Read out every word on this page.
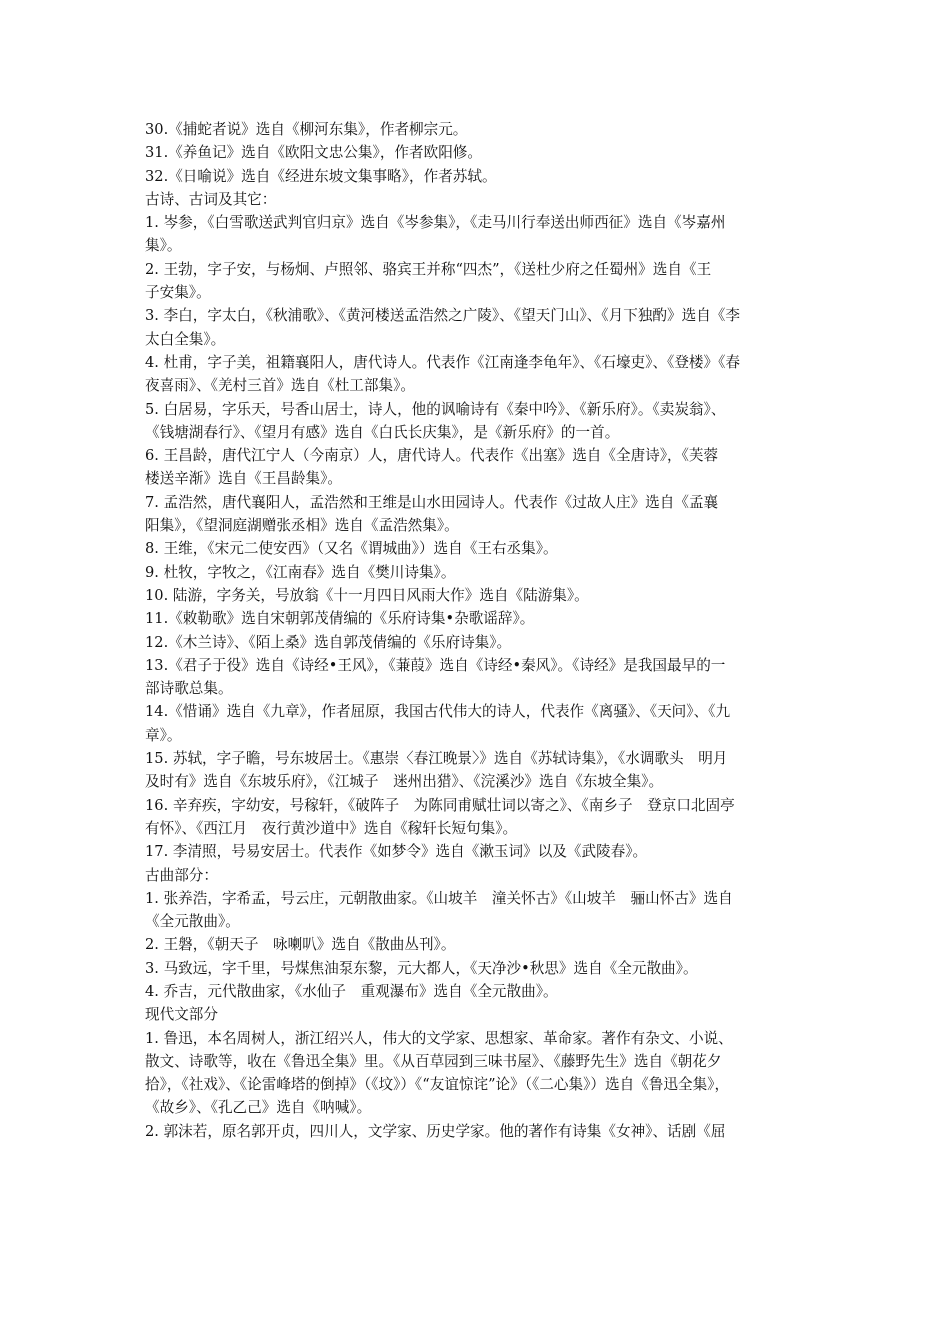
30.《捕蛇者说》选自《柳河东集》，作者柳宗元。
31.《养鱼记》选自《欧阳文忠公集》，作者欧阳修。
32.《日喻说》选自《经进东坡文集事略》，作者苏轼。
古诗、古词及其它：
1. 岑参，《白雪歌送武判官归京》选自《岑参集》，《走马川行奉送出师西征》选自《岑嘉州
集》。
2. 王勃，字子安，与杨炯、卢照邻、骆宾王并称“四杰”，《送杜少府之任蜀州》选自《王
子安集》。
3. 李白，字太白，《秋浦歌》、《黄河楼送孟浩然之广陵》、《望天门山》、《月下独酌》选自《李
太白全集》。
4. 杜甫，字子美，祖籍襄阳人，唐代诗人。代表作《江南逢李龟年》、《石壕吏》、《登楼》《春
夜喜雨》、《羌村三首》选自《杜工部集》。
5. 白居易，字乐天，号香山居士，诗人，他的讽喻诗有《秦中吟》、《新乐府》。《卖炭翁》、
《钱塘湖春行》、《望月有感》选自《白氏长庆集》，是《新乐府》的一首。
6. 王昌龄，唐代江宁人（今南京）人，唐代诗人。代表作《出塞》选自《全唐诗》，《芙蓉
楼送辛渐》选自《王昌龄集》。
7. 孟浩然，唐代襄阳人，孟浩然和王维是山水田园诗人。代表作《过故人庄》选自《孟襄
阳集》，《望洞庭湖赠张丞相》选自《孟浩然集》。
8. 王维，《宋元二使安西》（又名《谓城曲》）选自《王右丞集》。
9. 杜牧，字牧之，《江南春》选自《樊川诗集》。
10. 陆游，字务关，号放翁《十一月四日风雨大作》选自《陆游集》。
11.《敕勒歌》选自宋朝郭茂倩编的《乐府诗集•杂歌谣辞》。
12.《木兰诗》、《陌上桑》选自郭茂倩编的《乐府诗集》。
13.《君子于役》选自《诗经•王风》，《蒹葭》选自《诗经•秦风》。《诗经》是我国最早的一
部诗歌总集。
14.《惜诵》选自《九章》，作者屈原，我国古代伟大的诗人，代表作《离骚》、《天问》、《九
章》。
15. 苏轼，字子瞻，号东坡居士。《惠崇〈春江晚景〉》选自《苏轼诗集》，《水调歌头　明月
及时有》选自《东坡乐府》，《江城子　迷州出猎》、《浣溪沙》选自《东坡全集》。
16. 辛弃疾，字幼安，号稼轩，《破阵子　为陈同甫赋壮词以寄之》、《南乡子　登京口北固亭
有怀》、《西江月　夜行黄沙道中》选自《稼轩长短句集》。
17. 李清照，号易安居士。代表作《如梦令》选自《漱玉词》以及《武陵春》。
古曲部分：
1. 张养浩，字希孟，号云庄，元朝散曲家。《山坡羊　潼关怀古》《山坡羊　骊山怀古》选自
《全元散曲》。
2. 王磐，《朝天子　咏喇叭》选自《散曲丛刊》。
3. 马致远，字千里，号煤焦油泵东黎，元大都人，《天净沙•秋思》选自《全元散曲》。
4. 乔吉，元代散曲家，《水仙子　重观瀑布》选自《全元散曲》。
现代文部分
1. 鲁迅，本名周树人，浙江绍兴人，伟大的文学家、思想家、革命家。著作有杂文、小说、
散文、诗歌等，收在《鲁迅全集》里。《从百草园到三味书屋》、《藤野先生》选自《朝花夕
拾》，《社戏》、《论雷峰塔的倒掉》（《坟》）《“友谊惊诧”论》（《二心集》）选自《鲁迅全集》，
《故乡》、《孔乙己》选自《呐喊》。
2. 郭沫若，原名郭开贞，四川人，文学家、历史学家。他的著作有诗集《女神》、话剧《屈
